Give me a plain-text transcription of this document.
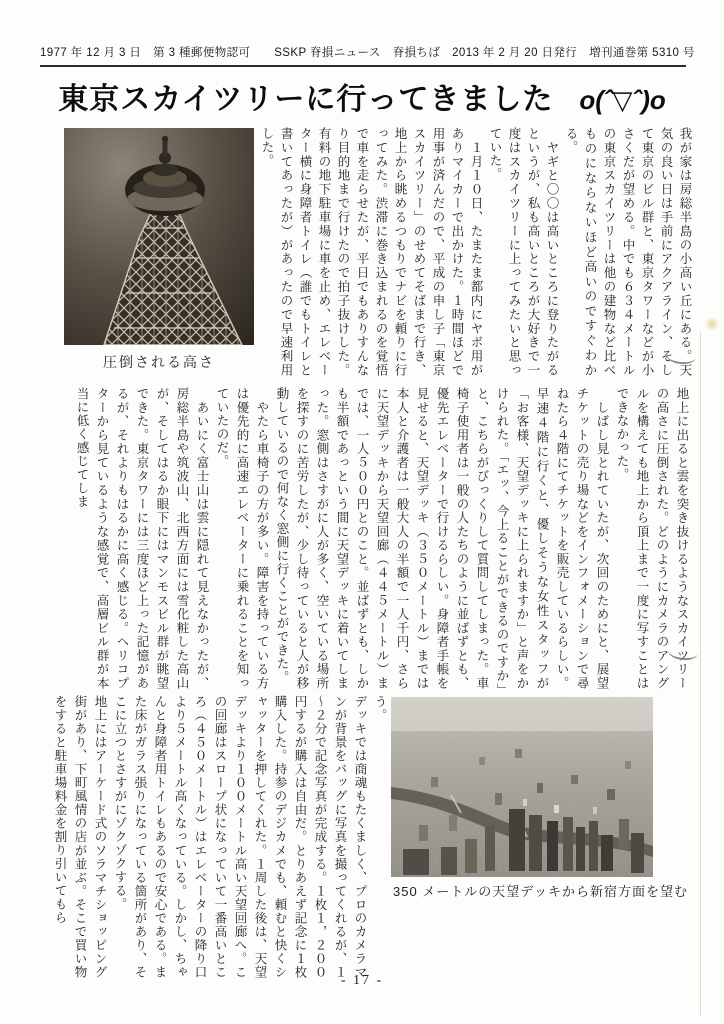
1977 年 12 月 3 日　第 3 種郵便物認可　　SSKP 脊損ニュース　脊損ちば　2013 年 2 月 20 日発行　増刊通巻第 5310 号
東京スカイツリーに行ってきました o(ˆ▽ˆ)o
圧倒される高さ	我が家は房総半島の小高い丘にある。天気の良い日は手前にアクアライン、そして東京のビル群と、東京タワーなどが小さくだが望める。中でも６３４メートルの東京スカイツリーは他の建物など比べものにならないほど高いのですぐわかる。

　ヤギと〇〇は高いところに登りたがるというが、私も高いところが大好きで一度はスカイツリーに上ってみたいと思っていた。

　１月１０日、たまたま都内にヤボ用がありマイカーで出かけた。１時間ほどで用事が済んだので、平成の申し子「東京スカイツリー」のせめてそばまで行き、地上から眺めるつもりでナビを頼りに行ってみた。渋滞に巻き込まれるのを覚悟で車を走らせたが、平日でもありすんなり目的地まで行けたので拍子抜けした。有料の地下駐車場に車を止め、エレベーター横に身障者トイレ（誰でもトイレと書いてあったが）があったので早速利用した。

地上に出ると雲を突き抜けるようなスカイツリーの高さに圧倒された。どのようにカメラのアングルを構えても地上から頂上まで一度に写すことはできなかった。

　しばし見とれていたが、次回のためにと、展望チケットの売り場などをインフォメーションで尋ねたら４階にてチケットを販売しているらしい。早速４階に行くと、優しそうな女性スタッフが「お客様、天望デッキに上られますか」と声をかけられた。「エッ、今上ることができるのですか」と、こちらがびっくりして質問してしまった。車椅子使用者は一般の人たちのように並ばずとも、優先エレベーターで行けるらしい。身障者手帳を見せると、天望デッキ（３５０メートル）までは本人と介護者は一般大人の半額で一人千円、さらに天望デッキから天望回廊（４４５メートル）までは、一人５００円とのこと。並ばずとも、しかも半額であっという間に天望デッキに着いてしまった。窓側はさすがに人が多く、空いている場所を探すのに苦労したが、少し待っていると人が移動しているので何なく窓側に行くことができた。

　やたら車椅子の方が多い。障害を持っている方は優先的に高速エレベーターに乗れることを知っていたのだ。

　あいにく富士山は雲に隠れて見えなかったが、房総半島や筑波山、北西方面には雪化粧した高山が、そしてはるか眼下にはマンモスビル群が眺望できた。東京タワーには三度ほど上った記憶があるが、それよりもはるかに高く感じる。ヘリコプターから見ているような感覚で、高層ビル群が本当に低く感じてしま

う。

デッキでは商魂もたくましく、プロのカメラマンが背景をバッグに写真を撮ってくれるが、１～２分で記念写真が完成する。１枚１，２００円するが購入は自由だ。とりあえず記念に１枚購入した。持参のデジカメでも、頼むと快くシャッターを押してくれた。１周した後は、天望デッキより１００メートル高い天望回廊へ。この回廊はスロープ状になっていて一番高いところ（４５０メートル）はエレベーターの降り口より５メートル高くなっている。しかし、ちゃんと身障者用トイレもあるので安心である。また床がガラス張りになっている箇所があり、そこに立つとさすがにゾクゾクする。

地上にはアーケード式のソラマチショッピング街があり、下町風情の店が並ぶ。そこで買い物をすると駐車場料金を割り引いてもら	350 メートルの天望デッキから新宿方面を望む
- 17 -
